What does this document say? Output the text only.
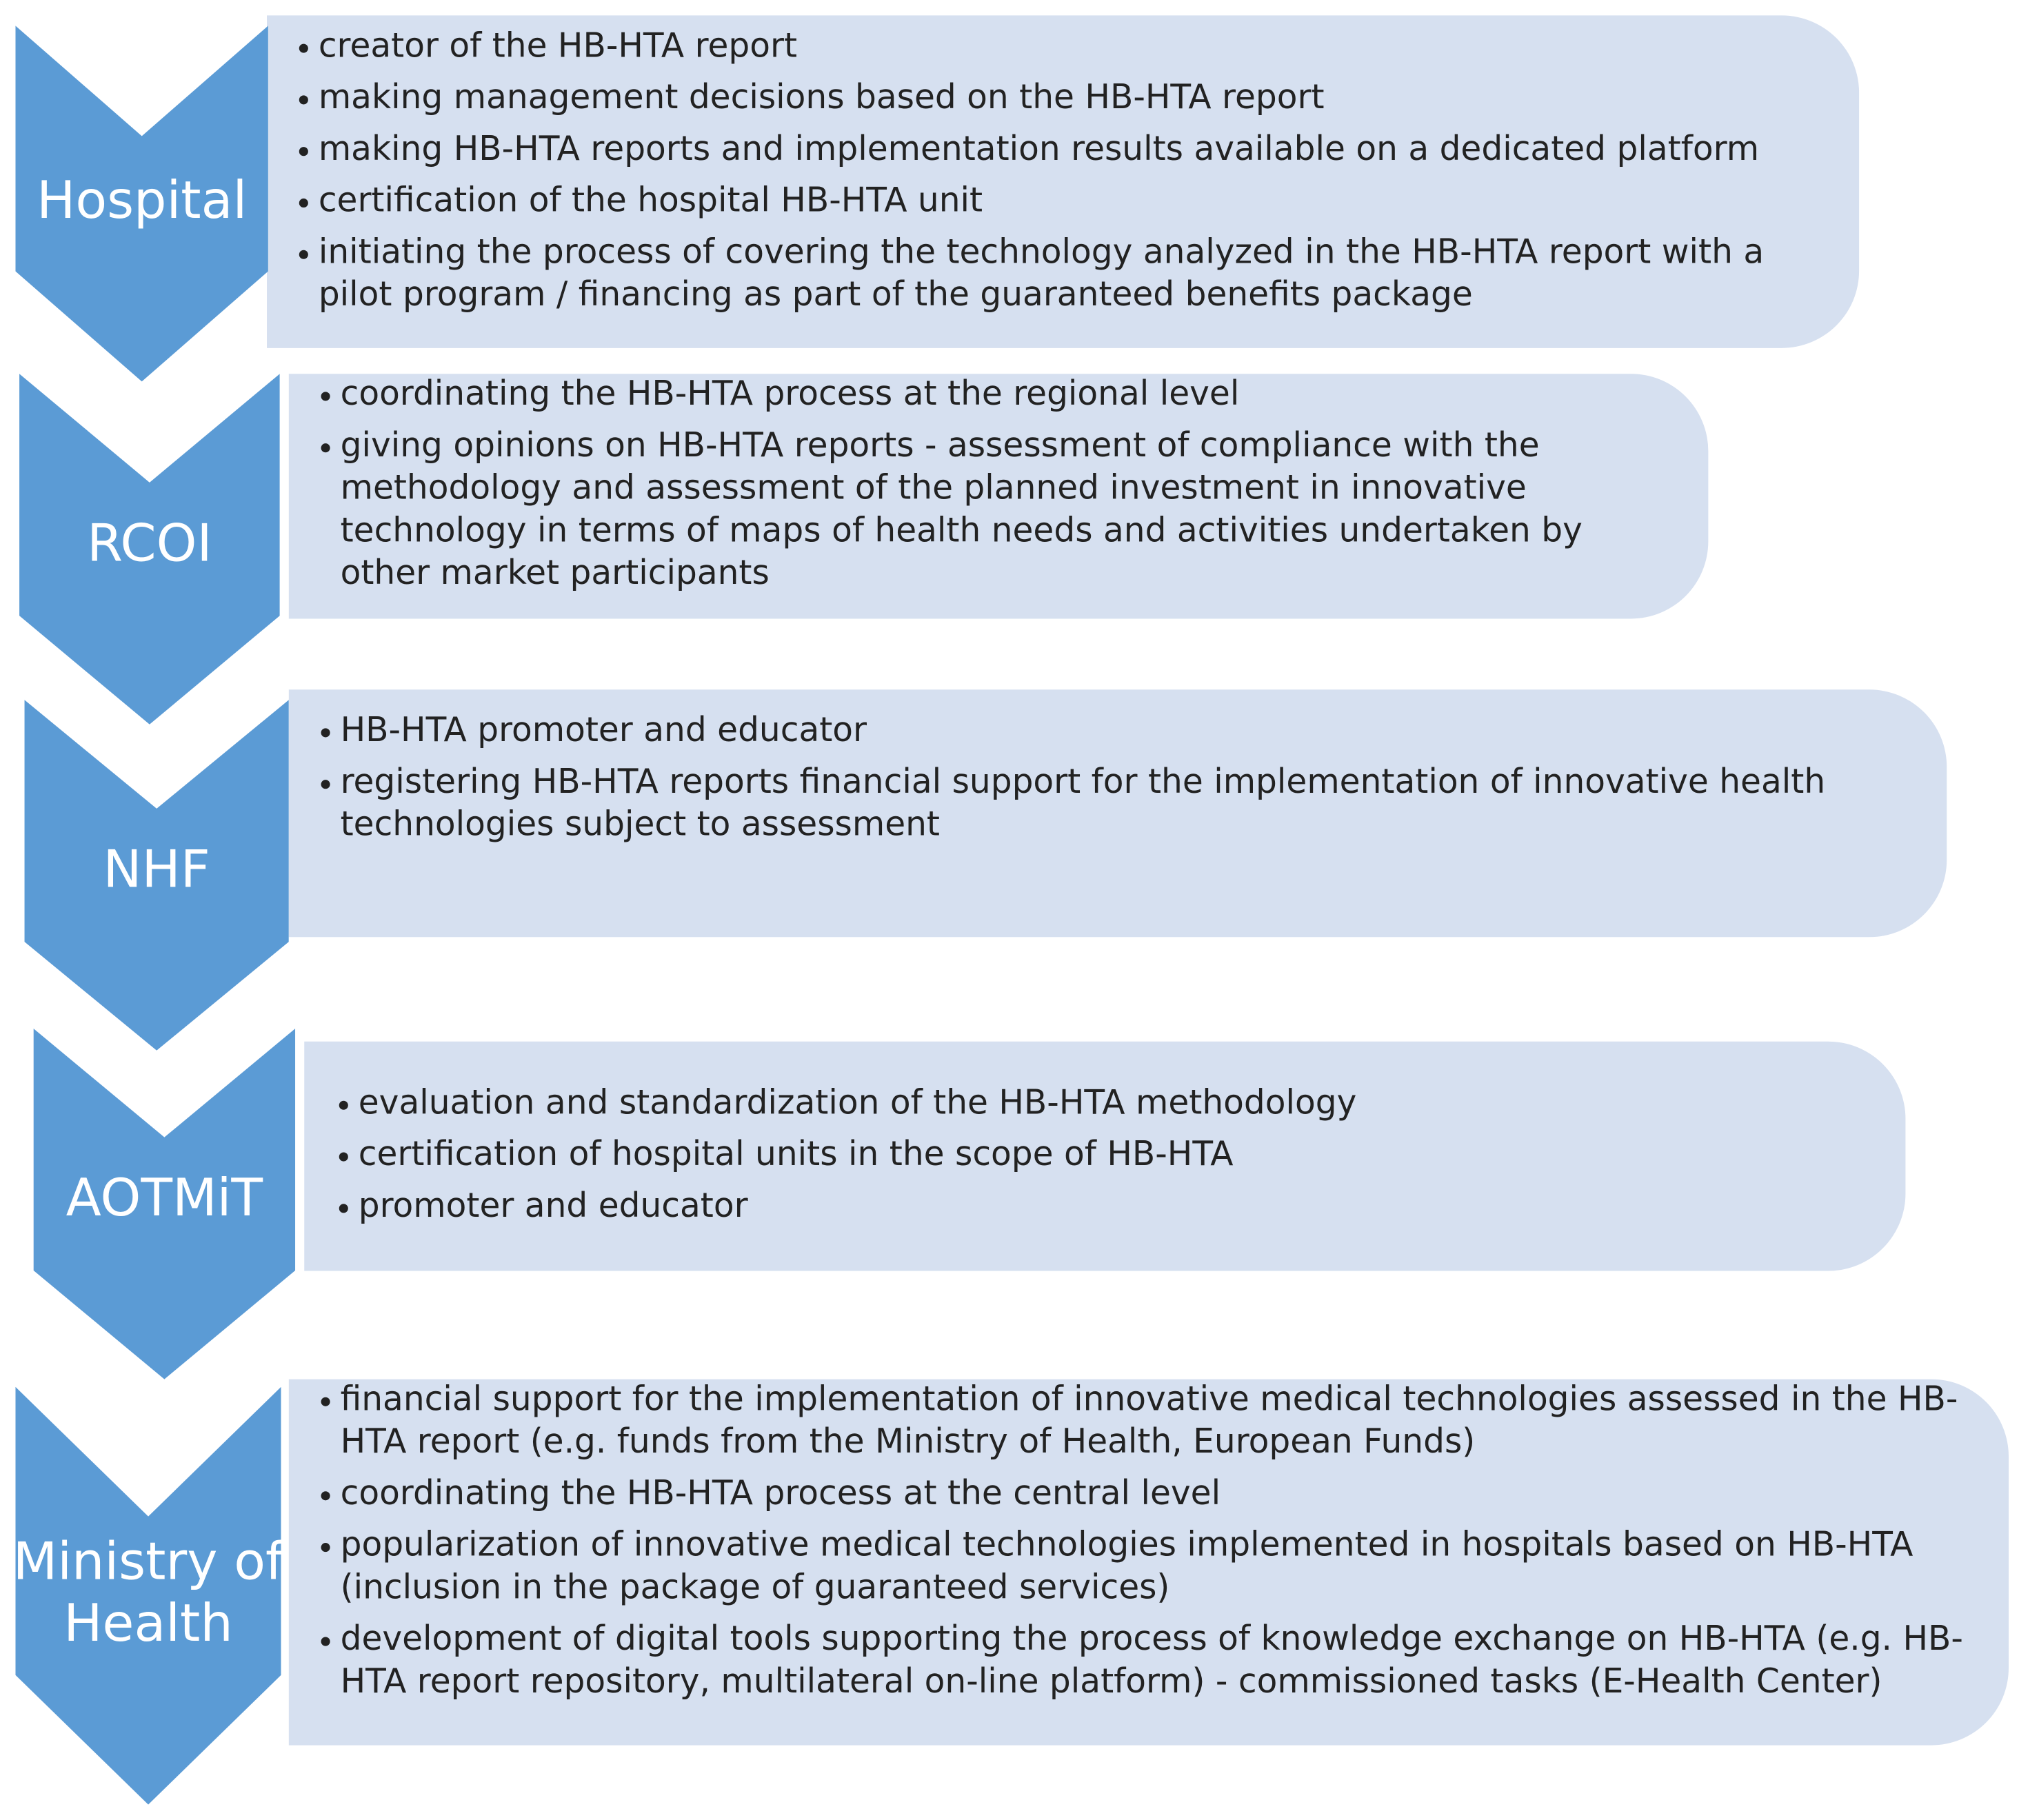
creator of the HB-HTA report
making management decisions based on the HB-HTA report
making HB-HTA reports and implementation results available on a dedicated platform
certification of the hospital HB-HTA unit
initiating the process of covering the technology analyzed in the HB-HTA report with a pilot program / financing as part of the guaranteed benefits package
Hospital
coordinating the HB-HTA process at the regional level
giving opinions on HB-HTA reports - assessment of compliance with the methodology and assessment of the planned investment in innovative technology in terms of maps of health needs and activities undertaken by other market participants
RCOI
HB-HTA promoter and educator
registering HB-HTA reports financial support for the implementation of innovative health technologies subject to assessment
NHF
evaluation and standardization of the HB-HTA methodology
certification of hospital units in the scope of HB-HTA
promoter and educator
AOTMiT
financial support for the implementation of innovative medical technologies assessed in the HB-HTA report (e.g. funds from the Ministry of Health, European Funds)
coordinating the HB-HTA process at the central level
popularization of innovative medical technologies implemented in hospitals based on HB-HTA (inclusion in the package of guaranteed services)
development of digital tools supporting the process of knowledge exchange on HB-HTA (e.g. HB-HTA report repository, multilateral on-line platform) - commissioned tasks (E-Health Center)
Ministry of Health
